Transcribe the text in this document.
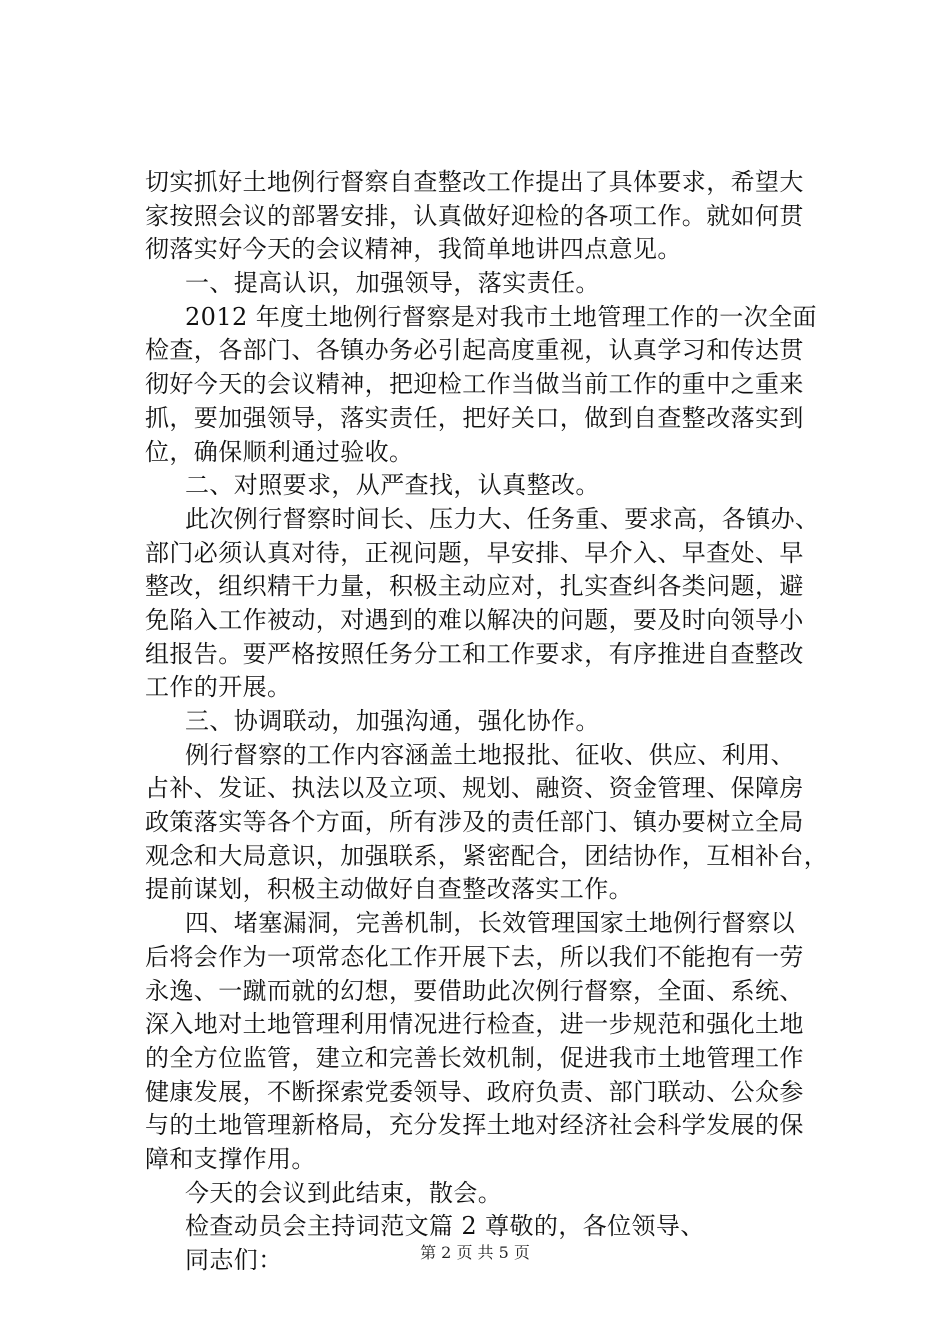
切实抓好土地例行督察自查整改工作提出了具体要求，希望大
家按照会议的部署安排，认真做好迎检的各项工作。就如何贯
彻落实好今天的会议精神，我简单地讲四点意见。
一、提高认识，加强领导，落实责任。
2012 年度土地例行督察是对我市土地管理工作的一次全面
检查，各部门、各镇办务必引起高度重视，认真学习和传达贯
彻好今天的会议精神，把迎检工作当做当前工作的重中之重来
抓，要加强领导，落实责任，把好关口，做到自查整改落实到
位，确保顺利通过验收。
二、对照要求，从严查找，认真整改。
此次例行督察时间长、压力大、任务重、要求高，各镇办、
部门必须认真对待，正视问题，早安排、早介入、早查处、早
整改，组织精干力量，积极主动应对，扎实查纠各类问题，避
免陷入工作被动，对遇到的难以解决的问题，要及时向领导小
组报告。要严格按照任务分工和工作要求，有序推进自查整改
工作的开展。
三、协调联动，加强沟通，强化协作。
例行督察的工作内容涵盖土地报批、征收、供应、利用、
占补、发证、执法以及立项、规划、融资、资金管理、保障房
政策落实等各个方面，所有涉及的责任部门、镇办要树立全局
观念和大局意识，加强联系，紧密配合，团结协作，互相补台，
提前谋划，积极主动做好自查整改落实工作。
四、堵塞漏洞，完善机制，长效管理国家土地例行督察以
后将会作为一项常态化工作开展下去，所以我们不能抱有一劳
永逸、一蹴而就的幻想，要借助此次例行督察，全面、系统、
深入地对土地管理利用情况进行检查，进一步规范和强化土地
的全方位监管，建立和完善长效机制，促进我市土地管理工作
健康发展，不断探索党委领导、政府负责、部门联动、公众参
与的土地管理新格局，充分发挥土地对经济社会科学发展的保
障和支撑作用。
今天的会议到此结束，散会。
检查动员会主持词范文篇 2 尊敬的，各位领导、
同志们：	第 2 页 共 5 页
